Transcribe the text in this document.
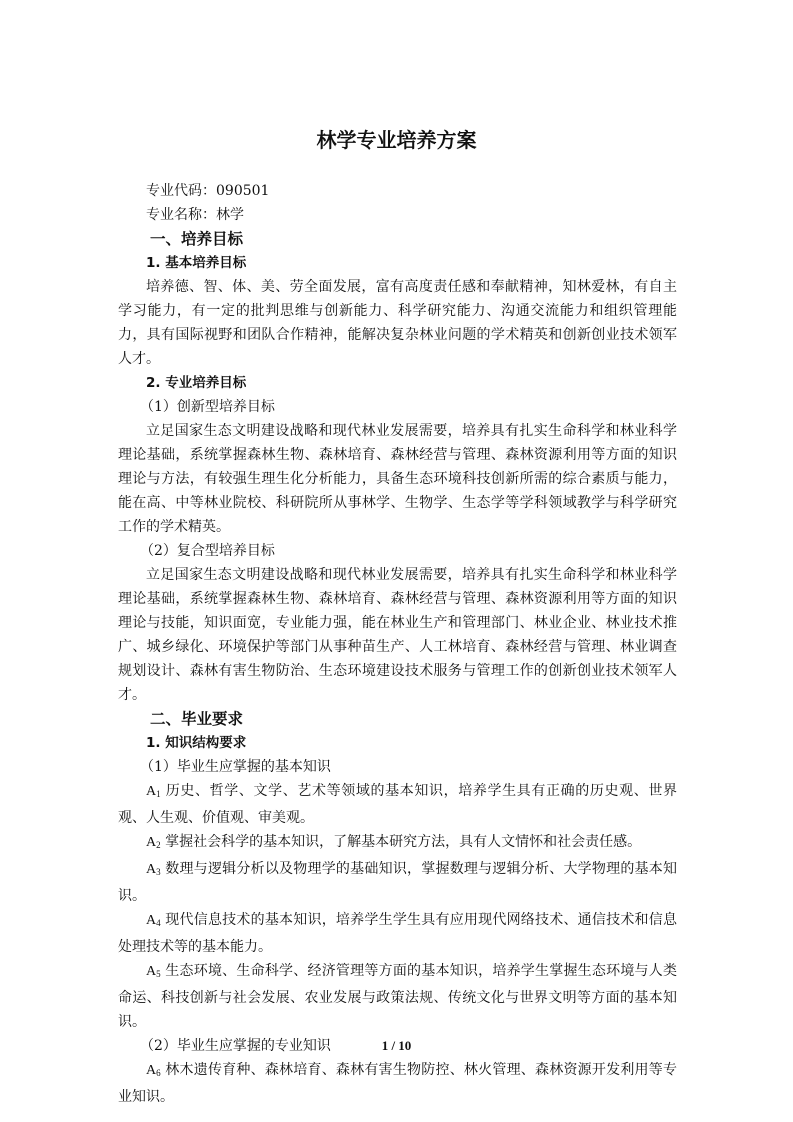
林学专业培养方案
专业代码：090501
专业名称：林学
一、培养目标
1. 基本培养目标

培养德、智、体、美、劳全面发展，富有高度责任感和奉献精神，知林爱林，有自主学习能力，有一定的批判思维与创新能力、科学研究能力、沟通交流能力和组织管理能力，具有国际视野和团队合作精神，能解决复杂林业问题的学术精英和创新创业技术领军人才。

2. 专业培养目标
（1）创新型培养目标

立足国家生态文明建设战略和现代林业发展需要，培养具有扎实生命科学和林业科学理论基础，系统掌握森林生物、森林培育、森林经营与管理、森林资源利用等方面的知识理论与方法，有较强生理生化分析能力，具备生态环境科技创新所需的综合素质与能力，能在高、中等林业院校、科研院所从事林学、生物学、生态学等学科领域教学与科学研究工作的学术精英。

（2）复合型培养目标

立足国家生态文明建设战略和现代林业发展需要，培养具有扎实生命科学和林业科学理论基础，系统掌握森林生物、森林培育、森林经营与管理、森林资源利用等方面的知识理论与技能，知识面宽，专业能力强，能在林业生产和管理部门、林业企业、林业技术推广、城乡绿化、环境保护等部门从事种苗生产、人工林培育、森林经营与管理、林业调查规划设计、森林有害生物防治、生态环境建设技术服务与管理工作的创新创业技术领军人才。

二、毕业要求
1. 知识结构要求
（1）毕业生应掌握的基本知识

$A_1$ 历史、哲学、文学、艺术等领域的基本知识，培养学生具有正确的历史观、世界观、人生观、价值观、审美观。

$A_2$ 掌握社会科学的基本知识，了解基本研究方法，具有人文情怀和社会责任感。

$A_3$ 数理与逻辑分析以及物理学的基础知识，掌握数理与逻辑分析、大学物理的基本知识。

$A_4$ 现代信息技术的基本知识，培养学生学生具有应用现代网络技术、通信技术和信息处理技术等的基本能力。

$A_5$ 生态环境、生命科学、经济管理等方面的基本知识，培养学生掌握生态环境与人类命运、科技创新与社会发展、农业发展与政策法规、传统文化与世界文明等方面的基本知识。

（2）毕业生应掌握的专业知识

$A_6$ 林木遗传育种、森林培育、森林有害生物防控、林火管理、森林资源开发利用等专业知识。

1 / 10
